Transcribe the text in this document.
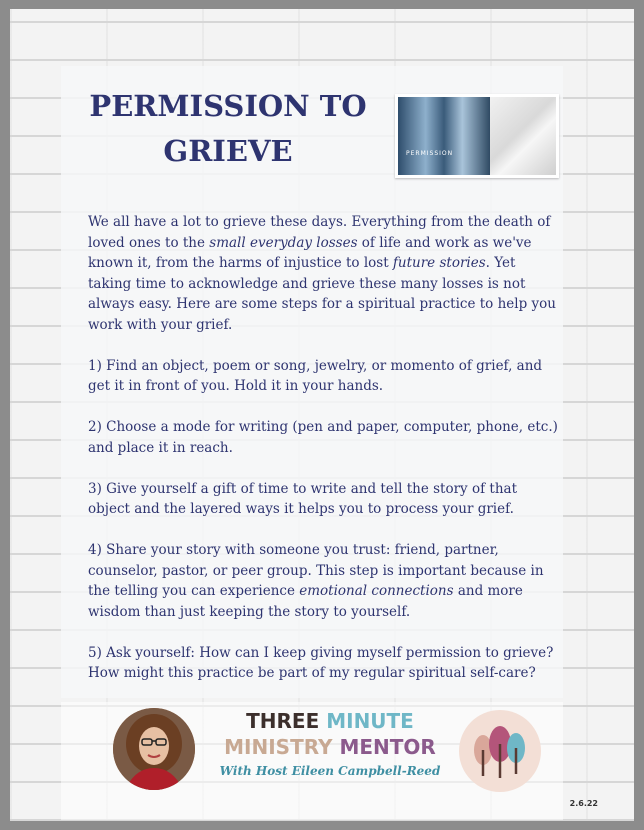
PERMISSION TO GRIEVE	PERMISSION

We all have a lot to grieve these days. Everything from the death of loved ones to the small everyday losses of life and work as we've known it, from the harms of injustice to lost future stories. Yet taking time to acknowledge and grieve these many losses is not always easy. Here are some steps for a spiritual practice to help you work with your grief.

1) Find an object, poem or song, jewelry, or momento of grief, and get it in front of you. Hold it in your hands.

2) Choose a mode for writing (pen and paper, computer, phone, etc.) and place it in reach.

3) Give yourself a gift of time to write and tell the story of that object and the layered ways it helps you to process your grief.

4) Share your story with someone you trust: friend, partner, counselor, pastor, or peer group. This step is important because in the telling you can experience emotional connections and more wisdom than just keeping the story to yourself.

5) Ask yourself: How can I keep giving myself permission to grieve? How might this practice be part of my regular spiritual self-care?

THREE MINUTE
MINISTRY MENTOR
With Host Eileen Campbell-Reed
2.6.22
